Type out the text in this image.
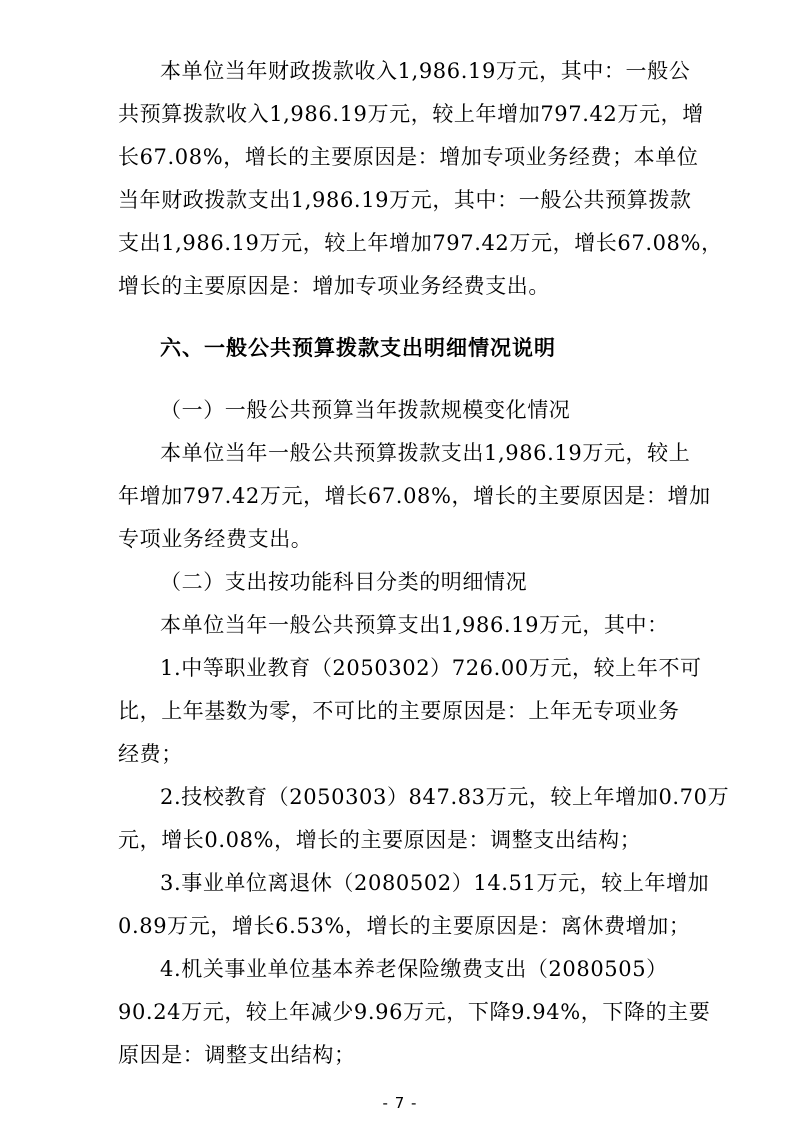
本单位当年财政拨款收入1,986.19万元，其中：一般公

共预算拨款收入1,986.19万元，较上年增加797.42万元，增

长67.08%，增长的主要原因是：增加专项业务经费；本单位

当年财政拨款支出1,986.19万元，其中：一般公共预算拨款

支出1,986.19万元，较上年增加797.42万元，增长67.08%，

增长的主要原因是：增加专项业务经费支出。

六、一般公共预算拨款支出明细情况说明

（一）一般公共预算当年拨款规模变化情况

本单位当年一般公共预算拨款支出1,986.19万元，较上

年增加797.42万元，增长67.08%，增长的主要原因是：增加

专项业务经费支出。

（二）支出按功能科目分类的明细情况

本单位当年一般公共预算支出1,986.19万元，其中：

1.中等职业教育（2050302）726.00万元，较上年不可

比，上年基数为零，不可比的主要原因是：上年无专项业务

经费；

2.技校教育（2050303）847.83万元，较上年增加0.70万

元，增长0.08%，增长的主要原因是：调整支出结构；

3.事业单位离退休（2080502）14.51万元，较上年增加

0.89万元，增长6.53%，增长的主要原因是：离休费增加；

4.机关事业单位基本养老保险缴费支出（2080505）

90.24万元，较上年减少9.96万元，下降9.94%，下降的主要

原因是：调整支出结构；

- 7 -
